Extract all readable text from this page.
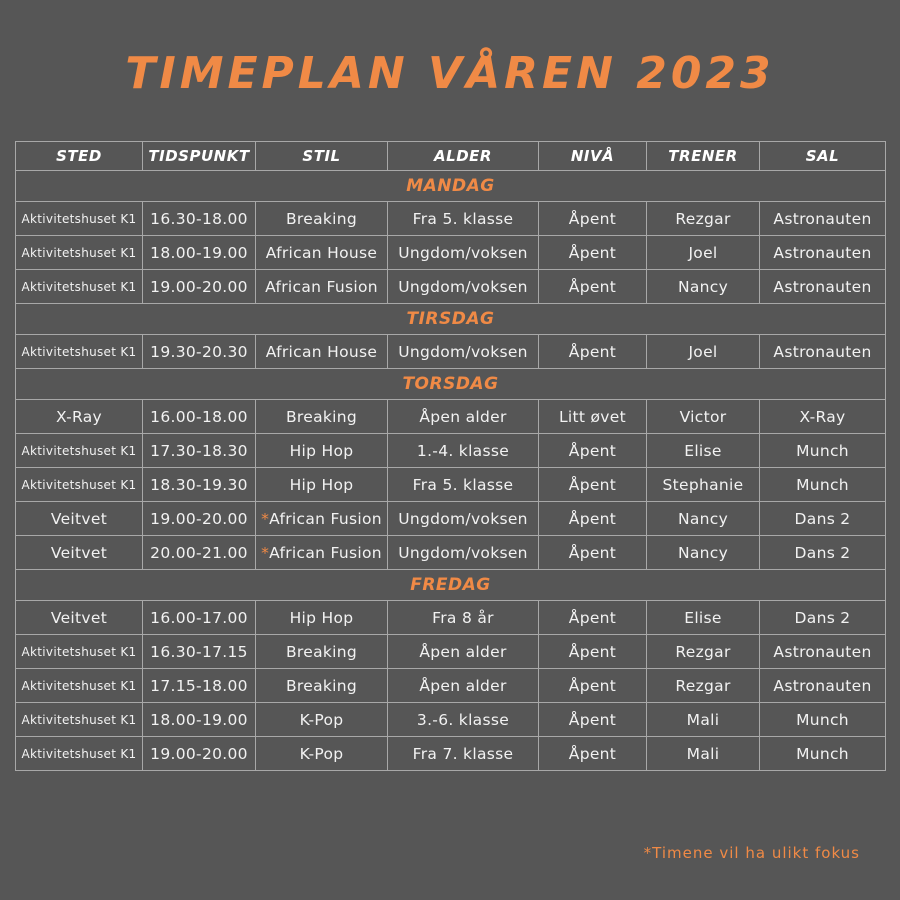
TIMEPLAN VÅREN 2023
STED	TIDSPUNKT	STIL	ALDER	NIVÅ	TRENER	SAL
MANDAG						
Aktivitetshuset K1	16.30-18.00	Breaking	Fra 5. klasse	Åpent	Rezgar	Astronauten
Aktivitetshuset K1	18.00-19.00	African House	Ungdom/voksen	Åpent	Joel	Astronauten
Aktivitetshuset K1	19.00-20.00	African Fusion	Ungdom/voksen	Åpent	Nancy	Astronauten
TIRSDAG						
Aktivitetshuset K1	19.30-20.30	African House	Ungdom/voksen	Åpent	Joel	Astronauten
TORSDAG						
X-Ray	16.00-18.00	Breaking	Åpen alder	Litt øvet	Victor	X-Ray
Aktivitetshuset K1	17.30-18.30	Hip Hop	1.-4. klasse	Åpent	Elise	Munch
Aktivitetshuset K1	18.30-19.30	Hip Hop	Fra 5. klasse	Åpent	Stephanie	Munch
Veitvet	19.00-20.00	*African Fusion	Ungdom/voksen	Åpent	Nancy	Dans 2
Veitvet	20.00-21.00	*African Fusion	Ungdom/voksen	Åpent	Nancy	Dans 2
FREDAG						
Veitvet	16.00-17.00	Hip Hop	Fra 8 år	Åpent	Elise	Dans 2
Aktivitetshuset K1	16.30-17.15	Breaking	Åpen alder	Åpent	Rezgar	Astronauten
Aktivitetshuset K1	17.15-18.00	Breaking	Åpen alder	Åpent	Rezgar	Astronauten
Aktivitetshuset K1	18.00-19.00	K-Pop	3.-6. klasse	Åpent	Mali	Munch
Aktivitetshuset K1	19.00-20.00	K-Pop	Fra 7. klasse	Åpent	Mali	Munch
*Timene vil ha ulikt fokus
